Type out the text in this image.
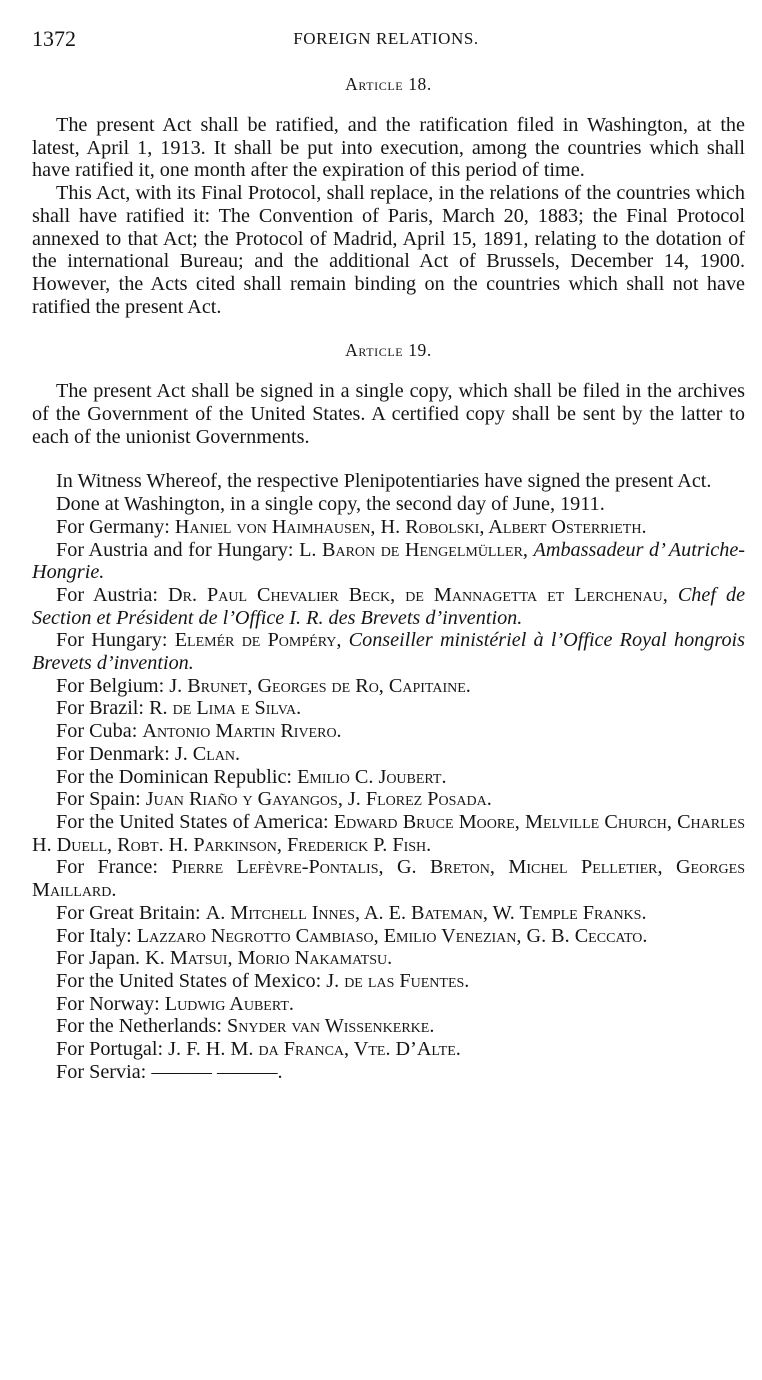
1372	FOREIGN RELATIONS.
Article 18.

The present Act shall be ratified, and the ratification filed in Washington, at the latest, April 1, 1913. It shall be put into execution, among the countries which shall have ratified it, one month after the expiration of this period of time.

This Act, with its Final Protocol, shall replace, in the relations of the countries which shall have ratified it: The Convention of Paris, March 20, 1883; the Final Protocol annexed to that Act; the Protocol of Madrid, April 15, 1891, relating to the dotation of the international Bureau; and the additional Act of Brussels, December 14, 1900. However, the Acts cited shall remain binding on the countries which shall not have ratified the present Act.

Article 19.

The present Act shall be signed in a single copy, which shall be filed in the archives of the Government of the United States. A certified copy shall be sent by the latter to each of the unionist Governments.

In Witness Whereof, the respective Plenipotentiaries have signed the present Act.

Done at Washington, in a single copy, the second day of June, 1911.

For Germany: Haniel von Haimhausen, H. Robolski, Albert Osterrieth.

For Austria and for Hungary: L. Baron de Hengelmüller, Ambassadeur d’ Autriche-Hongrie.

For Austria: Dr. Paul Chevalier Beck, de Mannagetta et Lerchenau, Chef de Section et Président de l’Office I. R. des Brevets d’invention.

For Hungary: Elemér de Pompéry, Conseiller ministériel à l’Office Royal hongrois Brevets d’invention.

For Belgium: J. Brunet, Georges de Ro, Capitaine.

For Brazil: R. de Lima e Silva.

For Cuba: Antonio Martin Rivero.

For Denmark: J. Clan.

For the Dominican Republic: Emilio C. Joubert.

For Spain: Juan Riaño y Gayangos, J. Florez Posada.

For the United States of America: Edward Bruce Moore, Melville Church, Charles H. Duell, Robt. H. Parkinson, Frederick P. Fish.

For France: Pierre Lefèvre-Pontalis, G. Breton, Michel Pelletier, Georges Maillard.

For Great Britain: A. Mitchell Innes, A. E. Bateman, W. Temple Franks.

For Italy: Lazzaro Negrotto Cambiaso, Emilio Venezian, G. B. Ceccato.

For Japan. K. Matsui, Morio Nakamatsu.

For the United States of Mexico: J. de las Fuentes.

For Norway: Ludwig Aubert.

For the Netherlands: Snyder van Wissenkerke.

For Portugal: J. F. H. M. da Franca, Vte. D’Alte.

For Servia: ——— ———.
